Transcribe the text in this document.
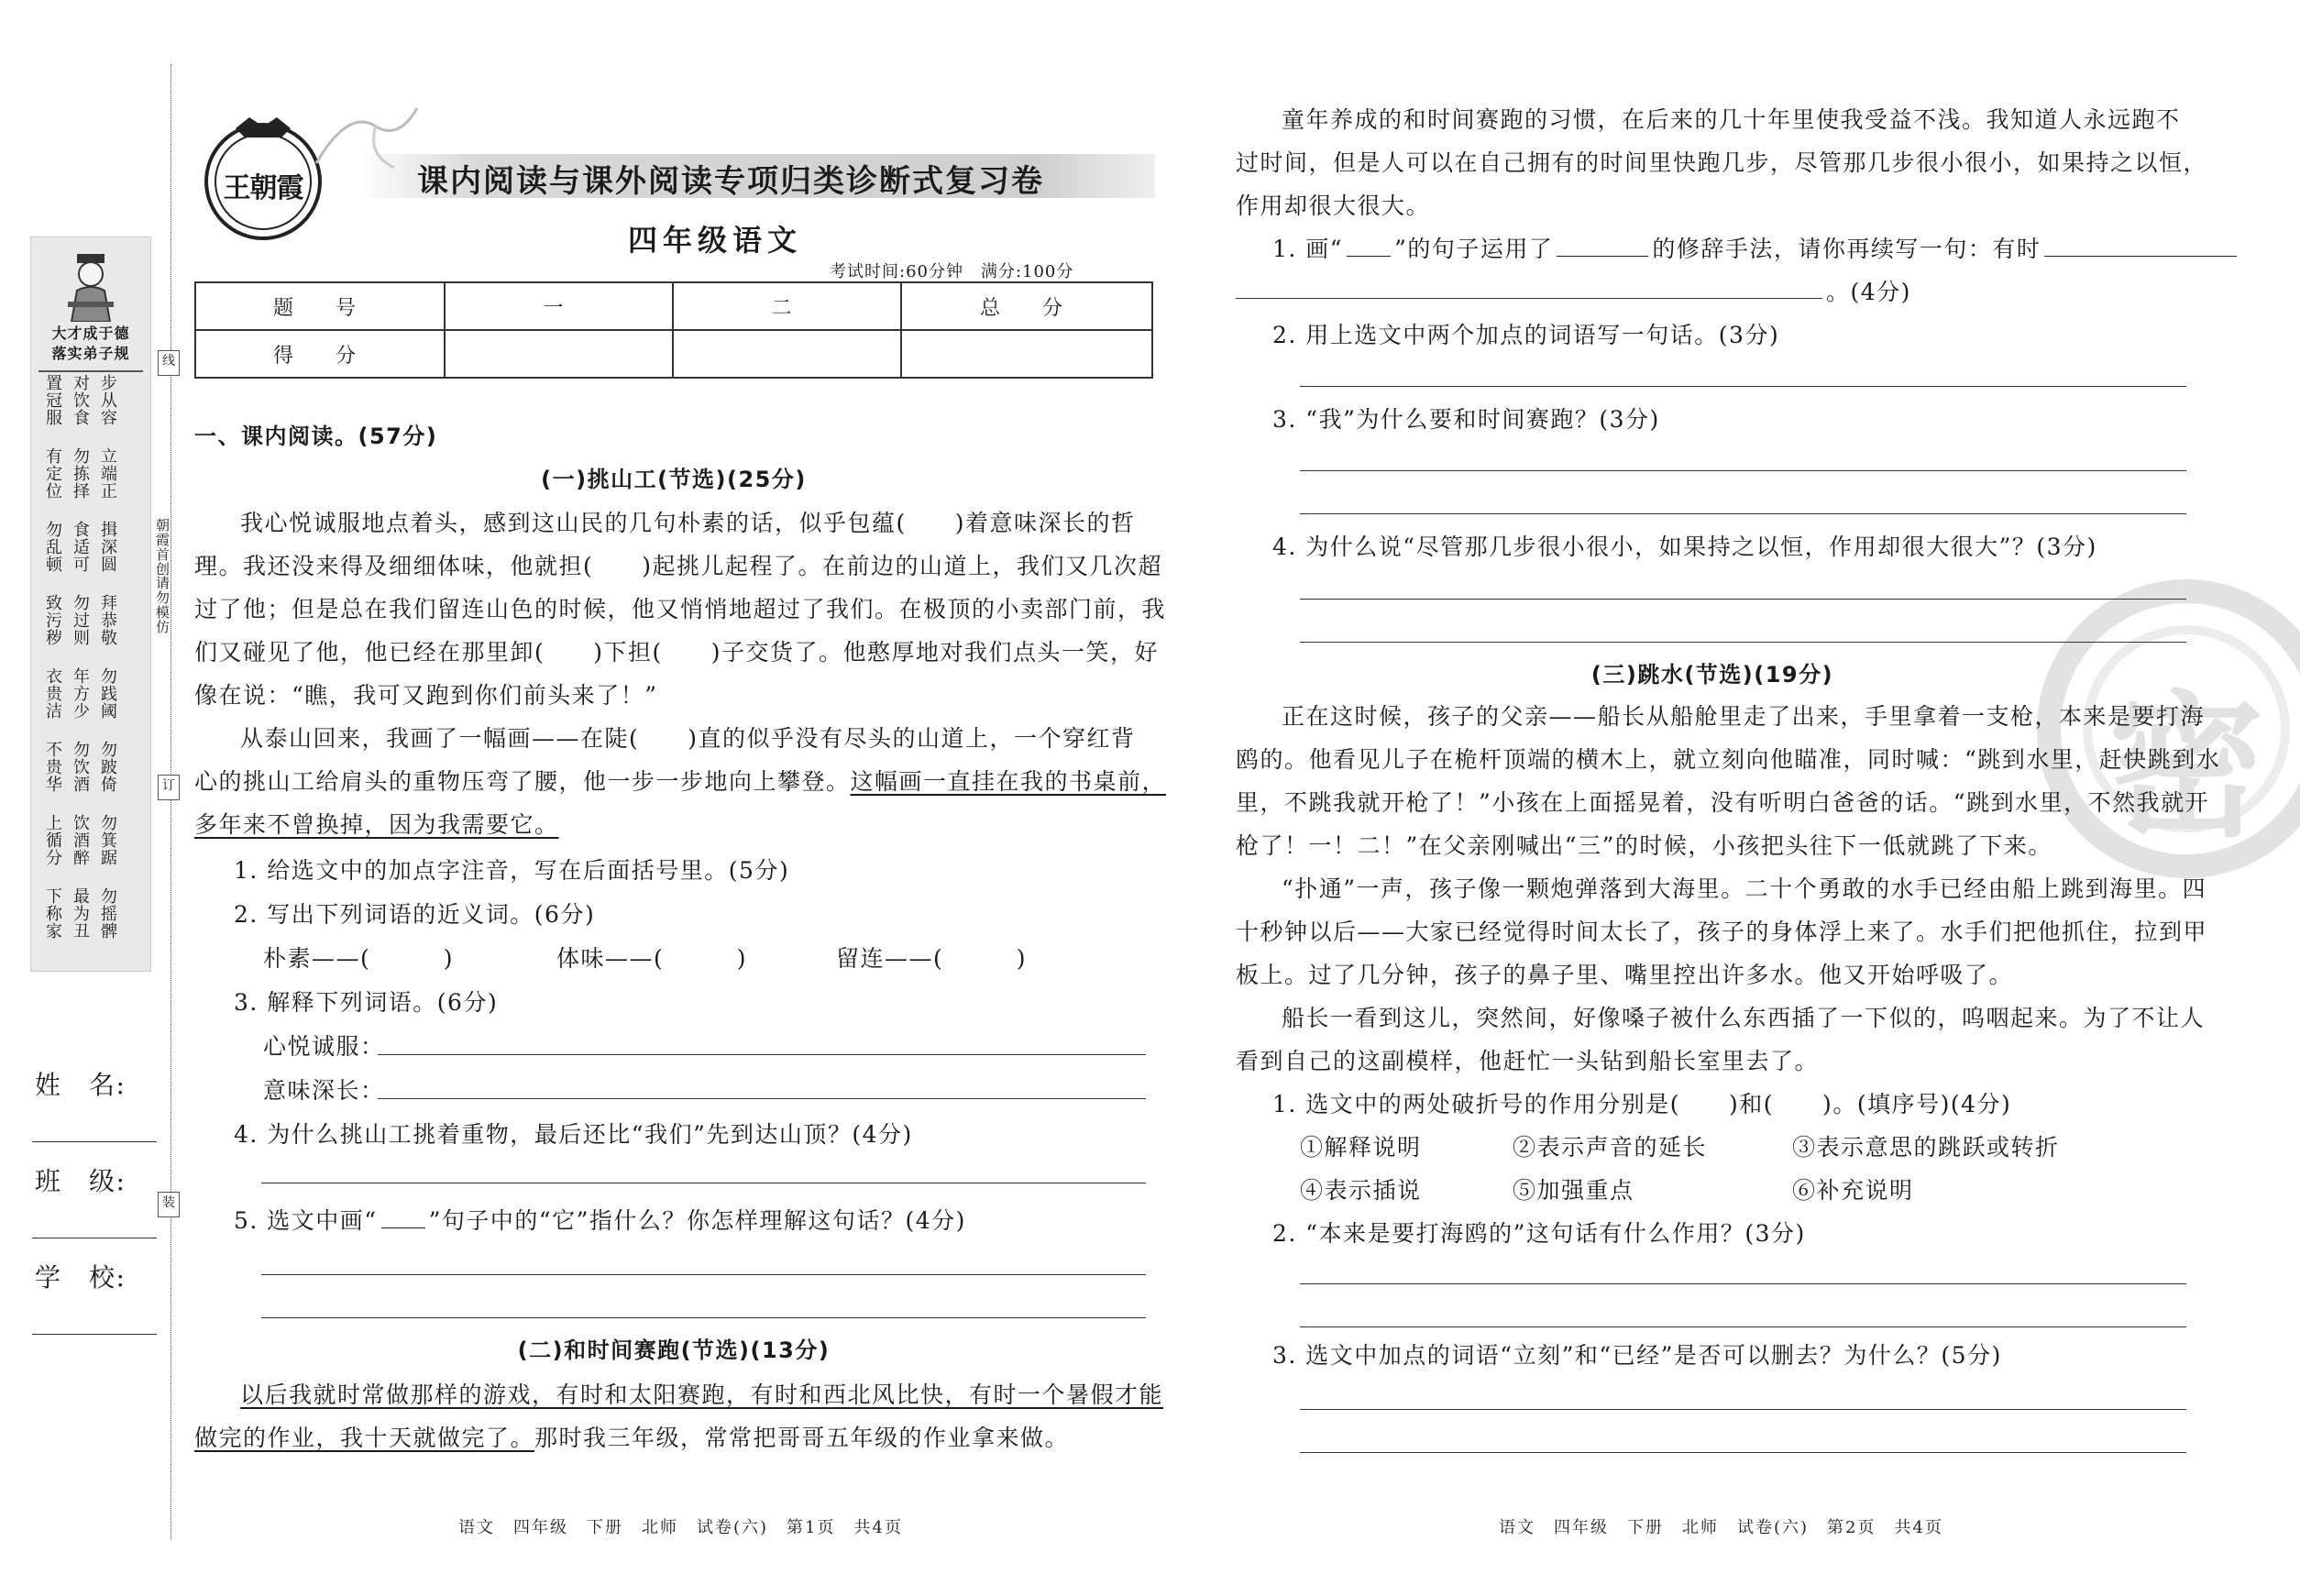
大才成于德
落实弟子规
步从容
对饮食
置冠服
立端正
勿拣择
有定位
揖深圆
食适可
勿乱顿
拜恭敬
勿过则
致污秽
勿践阈
年方少
衣贵洁
勿跛倚
勿饮酒
不贵华
勿箕踞
饮酒醉
上循分
勿摇髀
最为丑
下称家
姓　名:
班　级:
学　校:
线
订
装
朝霞首创
请勿模仿
王朝霞	课内阅读与课外阅读专项归类诊断式复习卷
四年级语文
考试时间:60分钟　满分:100分
题　号	一	二	总　分
得　分			
一、课内阅读。(57分)
(一)挑山工(节选)(25分)
我心悦诚服地点着头，感到这山民的几句朴素的话，似乎包蕴(　　)着意味深长的哲
理。我还没来得及细细体味，他就担(　　)起挑儿起程了。在前边的山道上，我们又几次超
过了他；但是总在我们留连山色的时候，他又悄悄地超过了我们。在极顶的小卖部门前，我
们又碰见了他，他已经在那里卸(　　)下担(　　)子交货了。他憨厚地对我们点头一笑，好
像在说：“瞧，我可又跑到你们前头来了！”
从泰山回来，我画了一幅画——在陡(　　)直的似乎没有尽头的山道上，一个穿红背
心的挑山工给肩头的重物压弯了腰，他一步一步地向上攀登。这幅画一直挂在我的书桌前，
多年来不曾换掉，因为我需要它。
1. 给选文中的加点字注音，写在后面括号里。(5分)
2. 写出下列词语的近义词。(6分)
朴素——(　　　)	体味——(　　　)	留连——(　　　)
3. 解释下列词语。(6分)
心悦诚服：
意味深长：
4. 为什么挑山工挑着重物，最后还比“我们”先到达山顶？(4分)
5. 选文中画“ ”句子中的“它”指什么？你怎样理解这句话？(4分)
(二)和时间赛跑(节选)(13分)
以后我就时常做那样的游戏，有时和太阳赛跑，有时和西北风比快，有时一个暑假才能
做完的作业，我十天就做完了。那时我三年级，常常把哥哥五年级的作业拿来做。
语文　四年级　下册　北师　试卷(六)　第1页　共4页
密
童年养成的和时间赛跑的习惯，在后来的几十年里使我受益不浅。我知道人永远跑不
过时间，但是人可以在自己拥有的时间里快跑几步，尽管那几步很小很小，如果持之以恒，
作用却很大很大。
1. 画“ ”的句子运用了	的修辞手法，请你再续写一句：有时
。(4分)
2. 用上选文中两个加点的词语写一句话。(3分)
3. “我”为什么要和时间赛跑？(3分)
4. 为什么说“尽管那几步很小很小，如果持之以恒，作用却很大很大”？(3分)
(三)跳水(节选)(19分)
正在这时候，孩子的父亲——船长从船舱里走了出来，手里拿着一支枪，本来是要打海
鸥的。他看见儿子在桅杆顶端的横木上，就立刻向他瞄准，同时喊：“跳到水里，赶快跳到水
里，不跳我就开枪了！”小孩在上面摇晃着，没有听明白爸爸的话。“跳到水里，不然我就开
枪了！一！二！”在父亲刚喊出“三”的时候，小孩把头往下一低就跳了下来。
“扑通”一声，孩子像一颗炮弹落到大海里。二十个勇敢的水手已经由船上跳到海里。四
十秒钟以后——大家已经觉得时间太长了，孩子的身体浮上来了。水手们把他抓住，拉到甲
板上。过了几分钟，孩子的鼻子里、嘴里控出许多水。他又开始呼吸了。
船长一看到这儿，突然间，好像嗓子被什么东西插了一下似的，呜咽起来。为了不让人
看到自己的这副模样，他赶忙一头钻到船长室里去了。
1. 选文中的两处破折号的作用分别是(　　)和(　　)。(填序号)(4分)
①解释说明	②表示声音的延长	③表示意思的跳跃或转折
④表示插说	⑤加强重点	⑥补充说明
2. “本来是要打海鸥的”这句话有什么作用？(3分)
3. 选文中加点的词语“立刻”和“已经”是否可以删去？为什么？(5分)
语文　四年级　下册　北师　试卷(六)　第2页　共4页
